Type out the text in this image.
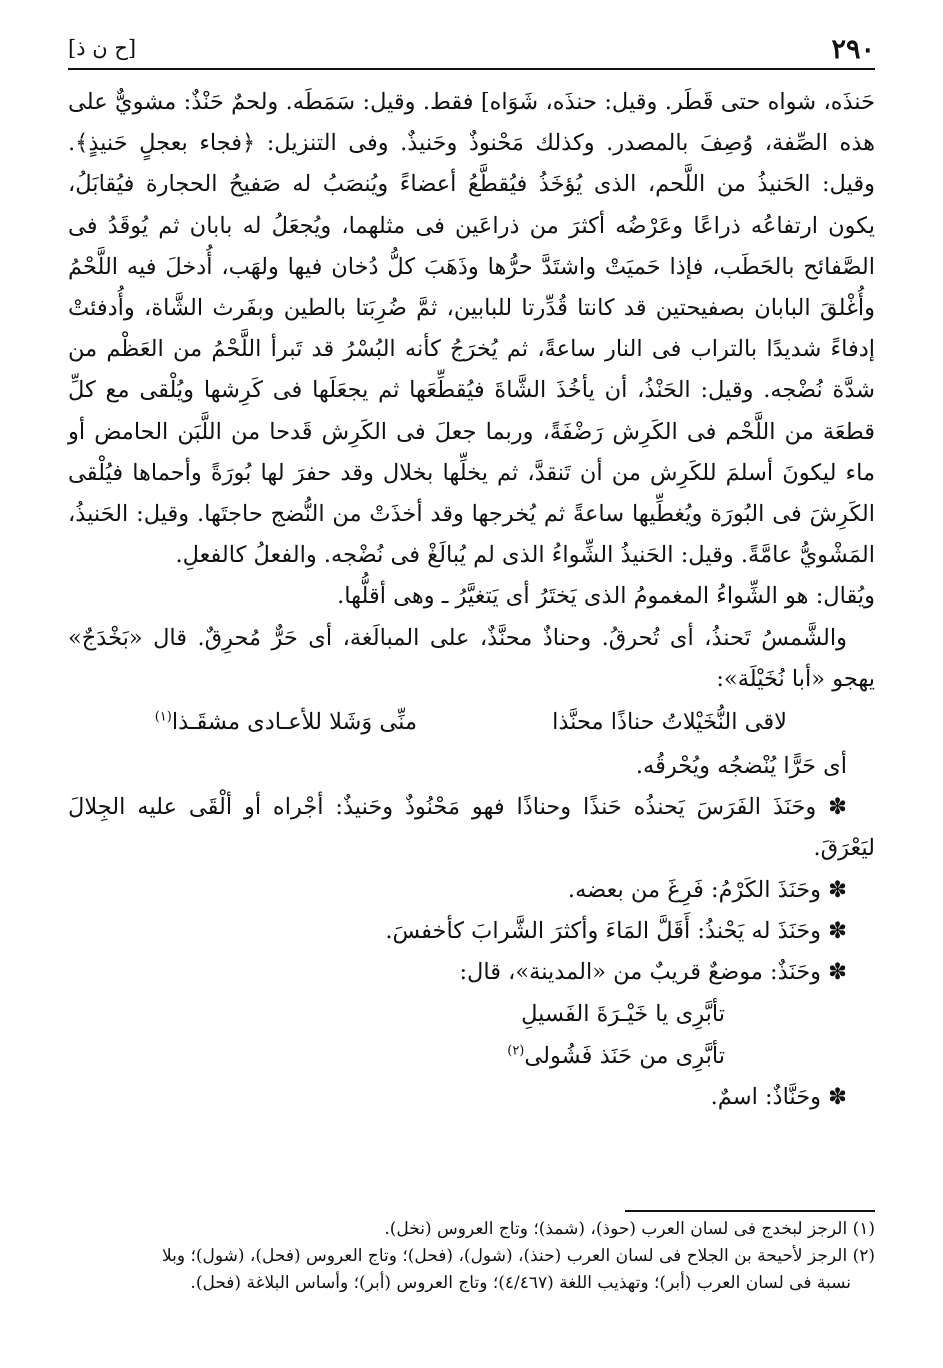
٢٩٠
[ح ن ذ]

حَنذَه، شواه حتى قَطَر. وقيل: حنذَه، شَوَاه] فقط. وقيل: سَمَطَه. ولحمٌ حَنْذٌ: مشويٌّ على هذه الصِّفة، وُصِفَ بالمصدر. وكذلك مَحْنوذٌ وحَنيذٌ. وفى التنزيل: ﴿فجاء بعجلٍ حَنيذٍ﴾. وقيل: الحَنيذُ من اللَّحم، الذى يُؤخَذُ فيُقطَّعُ أعضاءً ويُنصَبُ له صَفيحُ الحجارة فيُقابَلُ، يكون ارتفاعُه ذراعًا وعَرْضُه أكثرَ من ذراعَين فى مثلهما، ويُجعَلُ له بابان ثم يُوقَدُ فى الصَّفائح بالحَطَب، فإذا حَميَتْ واشتَدَّ حرُّها وذَهَبَ كلُّ دُخان فيها ولهَب، أُدخلَ فيه اللَّحْمُ وأُغْلقَ البابان بصفيحتين قد كانتا قُدِّرتا للبابين، ثمَّ ضُرِبَتا بالطين وبفَرث الشَّاة، وأُدفئتْ إدفاءً شديدًا بالتراب فى النار ساعةً، ثم يُخرَجُ كأنه البُسْرُ قد تَبرأ اللَّحْمُ من العَظْم من شدَّة نُضْجه. وقيل: الحَنْذُ، أن يأخُذَ الشَّاةَ فيُقطِّعَها ثم يجعَلَها فى كَرِشها ويُلْقى مع كلِّ قطعَة من اللَّحْم فى الكَرِش رَضْفَةً، وربما جعلَ فى الكَرِش قَدحا من اللَّبَن الحامض أو ماء ليكونَ أسلمَ للكَرِش من أن تَنقدَّ، ثم يخلِّها بخلال وقد حفرَ لها بُورَةً وأحماها فيُلْقى الكَرِشَ فى البُورَة ويُغطِّيها ساعةً ثم يُخرجها وقد أخذَتْ من النُّضج حاجتَها. وقيل: الحَنيذُ، المَشْويُّ عامَّةً. وقيل: الحَنيذُ الشِّواءُ الذى لم يُبالَغْ فى نُضْجه. والفعلُ كالفعلِ.

ويُقال: هو الشِّواءُ المغمومُ الذى يَختَرُ أى يَتغيَّرُ ـ وهى أقلُّها.

والشَّمسُ تَحنذُ، أى تُحرقُ. وحناذٌ محنَّذٌ، على المبالَغة، أى حَرٌّ مُحرِقٌ. قال «بَخْدَجٌ» يهجو «أبا نُخَيْلَة»:

لاقى النُّخَيْلاتُ حناذًا محنَّذا
منِّى وَشَلا للأعـادى مشقَـذا$^{(١)}$

أى حَرًّا يُنْضجُه ويُحْرقُه.

✽ وحَنَذَ الفَرَسَ يَحنذُه حَنذًا وحناذًا فهو مَحْنُوذٌ وحَنيذٌ: أجْراه أو ألْقَى عليه الجِلالَ ليَعْرَقَ.

✽ وحَنَذَ الكَرْمُ: فَرِغَ من بعضه.

✽ وحَنَذَ له يَحْنذُ: أَقَلَّ المَاءَ وأكثرَ الشَّرابَ كأخفسَ.

✽ وحَنَذٌ: موضعٌ قريبٌ من «المدينة»، قال:

تأبَّرِى يا خَيْـرَةَ الفَسيلِ
تأبَّرِى من حَنَذ فَشُولى$^{(٢)}$

✽ وحَنَّاذٌ: اسمٌ.

(١) الرجز لبخدج فى لسان العرب (حوذ)، (شمذ)؛ وتاج العروس (نخل).

(٢) الرجز لأحيحة بن الجلاح فى لسان العرب (حنذ)، (شول)، (فحل)؛ وتاج العروس (فحل)، (شول)؛ وبلا

نسبة فى لسان العرب (أبر)؛ وتهذيب اللغة (٤/٤٦٧)؛ وتاج العروس (أبر)؛ وأساس البلاغة (فحل).
